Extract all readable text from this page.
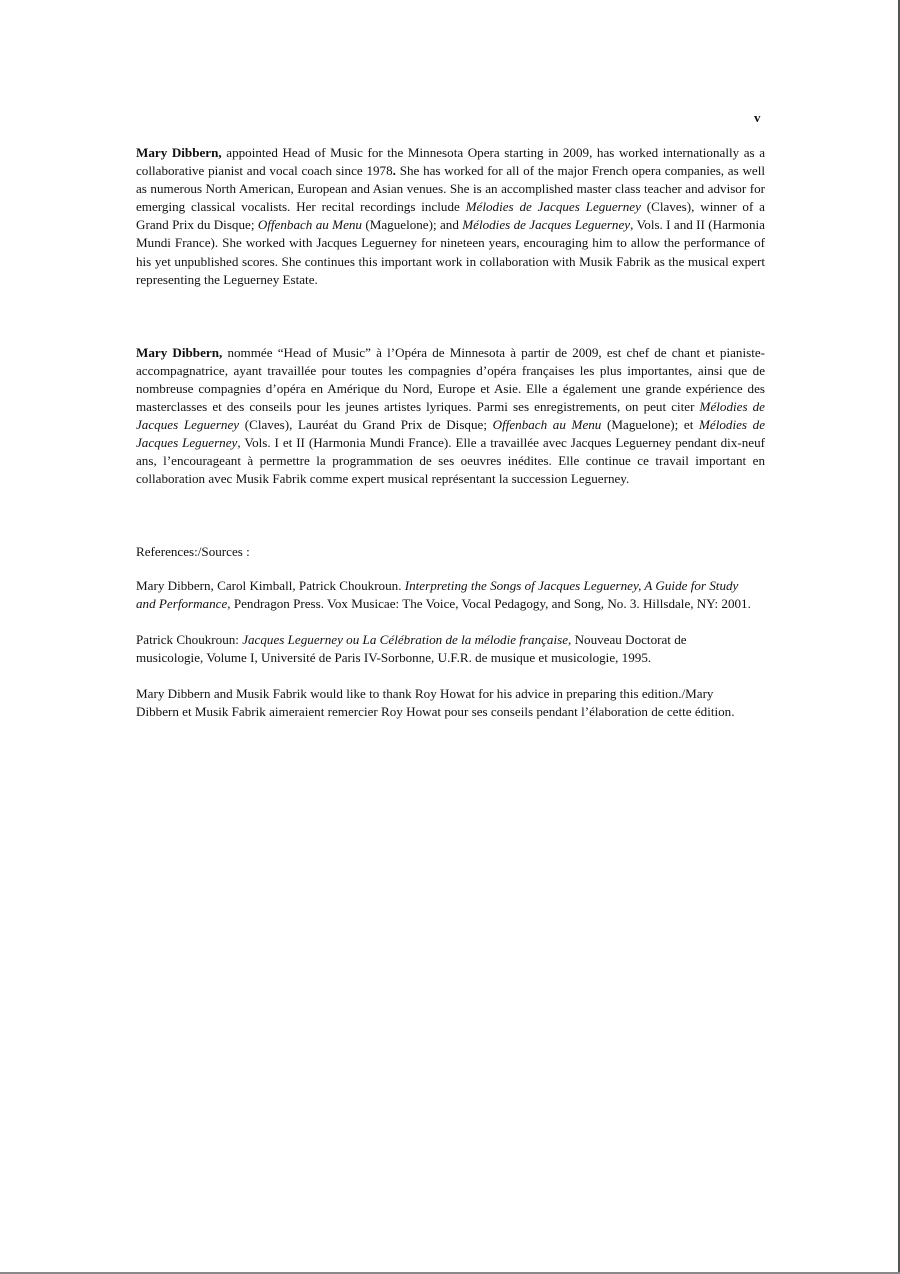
v

Mary Dibbern, appointed Head of Music for the Minnesota Opera starting in 2009, has worked internationally as a collaborative pianist and vocal coach since 1978. She has worked for all of the major French opera companies, as well as numerous North American, European and Asian venues. She is an accomplished master class teacher and advisor for emerging classical vocalists. Her recital recordings include Mélodies de Jacques Leguerney (Claves), winner of a Grand Prix du Disque; Offenbach au Menu (Maguelone); and Mélodies de Jacques Leguerney, Vols. I and II (Harmonia Mundi France). She worked with Jacques Leguerney for nineteen years, encouraging him to allow the performance of his yet unpublished scores. She continues this important work in collaboration with Musik Fabrik as the musical expert representing the Leguerney Estate.

Mary Dibbern, nommée “Head of Music” à l’Opéra de Minnesota à partir de 2009, est chef de chant et pianiste-accompagnatrice, ayant travaillée pour toutes les compagnies d’opéra françaises les plus importantes, ainsi que de nombreuse compagnies d’opéra en Amérique du Nord, Europe et Asie. Elle a également une grande expérience des masterclasses et des conseils pour les jeunes artistes lyriques. Parmi ses enregistrements, on peut citer Mélodies de Jacques Leguerney (Claves), Lauréat du Grand Prix de Disque; Offenbach au Menu (Maguelone); et Mélodies de Jacques Leguerney, Vols. I et II (Harmonia Mundi France). Elle a travaillée avec Jacques Leguerney pendant dix-neuf ans, l’encourageant à permettre la programmation de ses oeuvres inédites. Elle continue ce travail important en collaboration avec Musik Fabrik comme expert musical représentant la succession Leguerney.

References:/Sources :

Mary Dibbern, Carol Kimball, Patrick Choukroun. Interpreting the Songs of Jacques Leguerney, A Guide for Study and Performance, Pendragon Press. Vox Musicae: The Voice, Vocal Pedagogy, and Song, No. 3. Hillsdale, NY: 2001.

Patrick Choukroun: Jacques Leguerney ou La Célébration de la mélodie française, Nouveau Doctorat de musicologie, Volume I, Université de Paris IV-Sorbonne, U.F.R. de musique et musicologie, 1995.

Mary Dibbern and Musik Fabrik would like to thank Roy Howat for his advice in preparing this edition./Mary Dibbern et Musik Fabrik aimeraient remercier Roy Howat pour ses conseils pendant l’élaboration de cette édition.
